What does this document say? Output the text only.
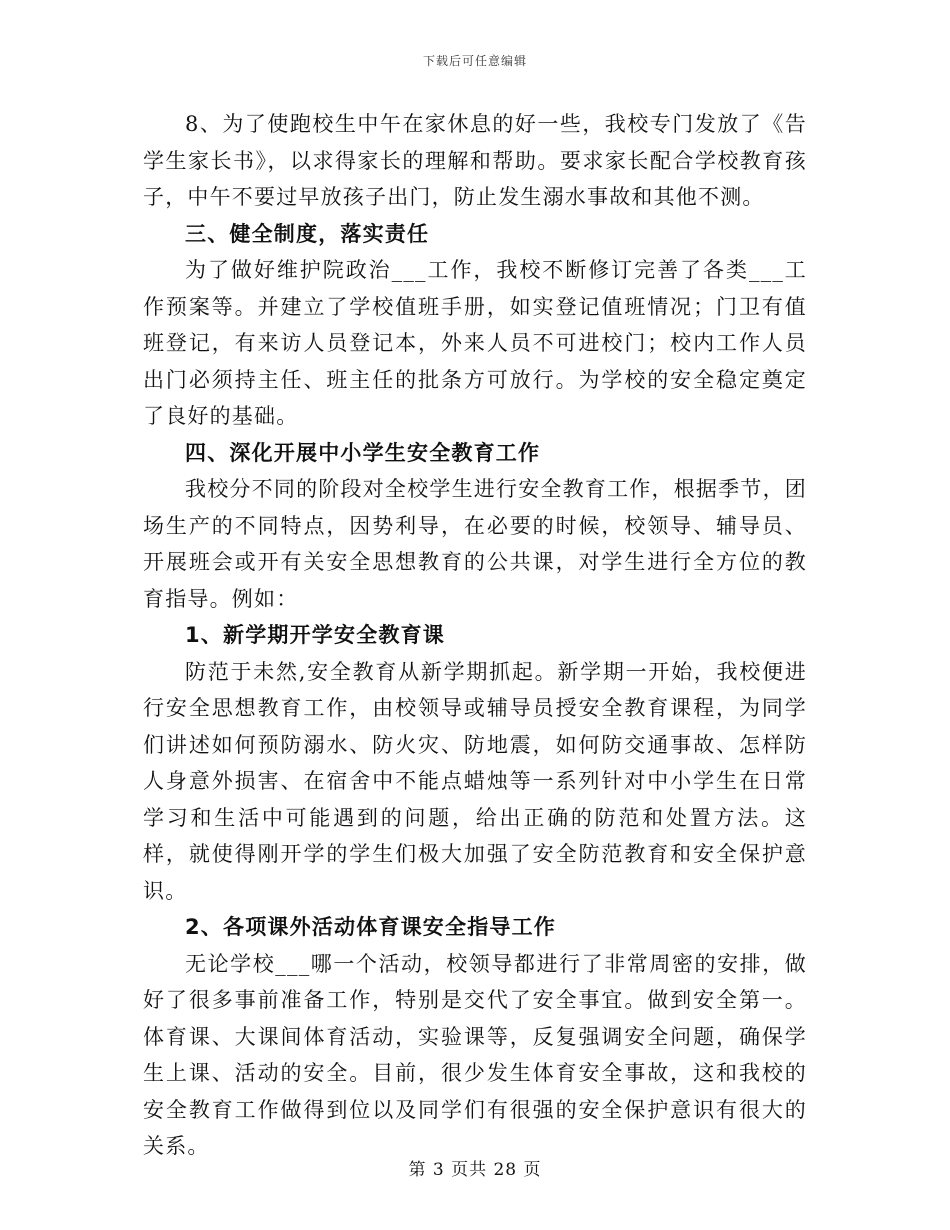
下载后可任意编辑

8、为了使跑校生中午在家休息的好一些，我校专门发放了《告学生家长书》，以求得家长的理解和帮助。要求家长配合学校教育孩子，中午不要过早放孩子出门，防止发生溺水事故和其他不测。

三、健全制度，落实责任

为了做好维护院政治___工作，我校不断修订完善了各类___工作预案等。并建立了学校值班手册，如实登记值班情况；门卫有值班登记，有来访人员登记本，外来人员不可进校门；校内工作人员出门必须持主任、班主任的批条方可放行。为学校的安全稳定奠定了良好的基础。

四、深化开展中小学生安全教育工作

我校分不同的阶段对全校学生进行安全教育工作，根据季节，团场生产的不同特点，因势利导，在必要的时候，校领导、辅导员、开展班会或开有关安全思想教育的公共课，对学生进行全方位的教育指导。例如：

1、新学期开学安全教育课

防范于未然,安全教育从新学期抓起。新学期一开始，我校便进行安全思想教育工作，由校领导或辅导员授安全教育课程，为同学们讲述如何预防溺水、防火灾、防地震，如何防交通事故、怎样防人身意外损害、在宿舍中不能点蜡烛等一系列针对中小学生在日常学习和生活中可能遇到的问题，给出正确的防范和处置方法。这样，就使得刚开学的学生们极大加强了安全防范教育和安全保护意识。

2、各项课外活动体育课安全指导工作

无论学校___哪一个活动，校领导都进行了非常周密的安排，做好了很多事前准备工作，特别是交代了安全事宜。做到安全第一。体育课、大课间体育活动，实验课等，反复强调安全问题，确保学生上课、活动的安全。目前，很少发生体育安全事故，这和我校的安全教育工作做得到位以及同学们有很强的安全保护意识有很大的关系。

第 3 页共 28 页
